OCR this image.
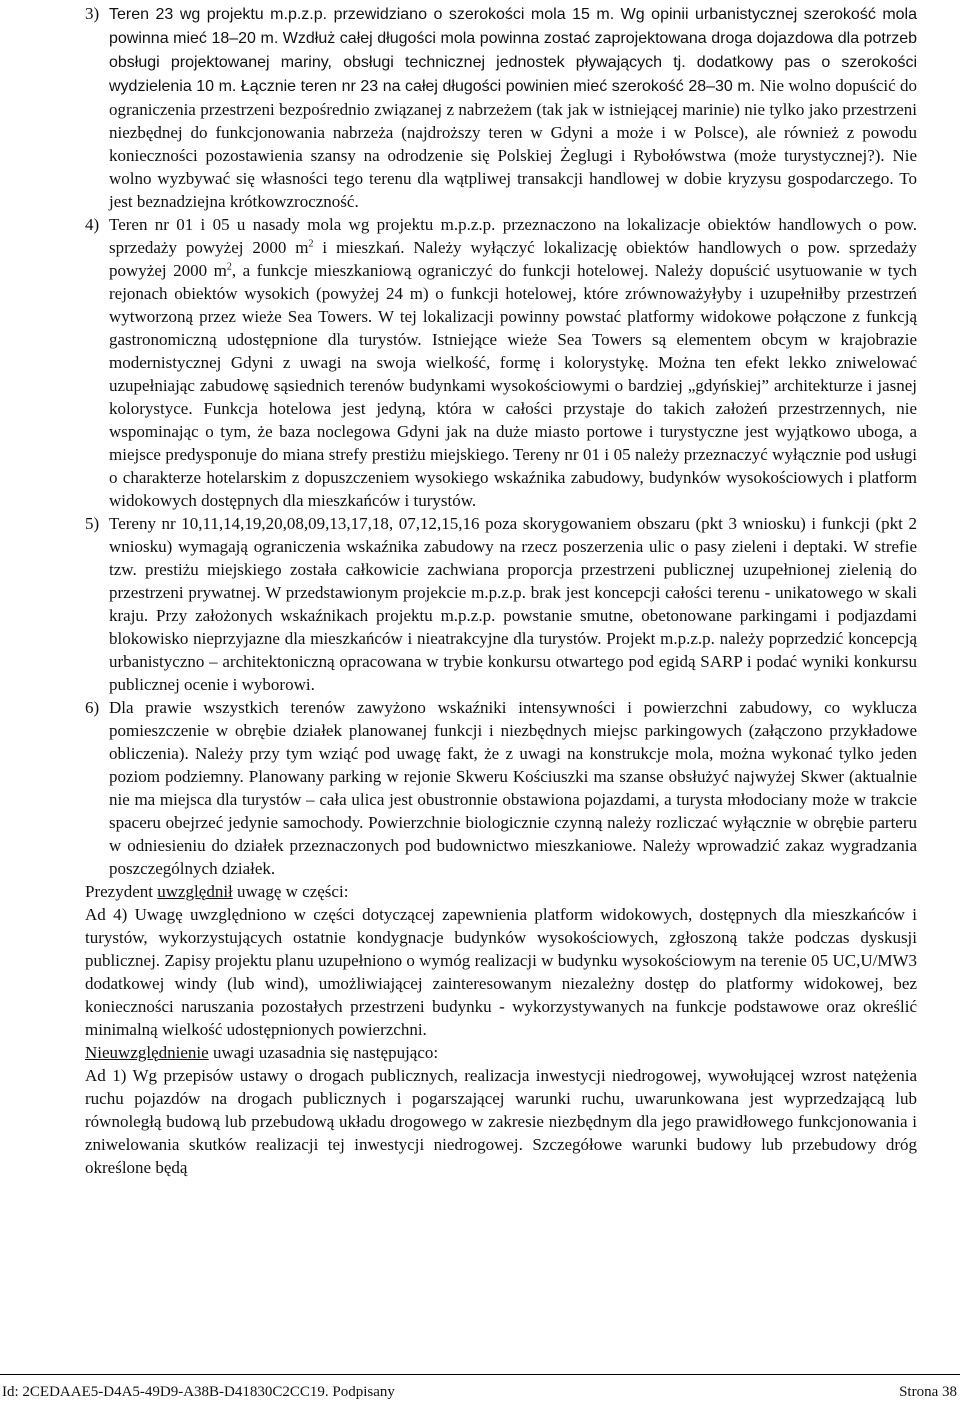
3) Teren 23 wg projektu m.p.z.p. przewidziano o szerokości mola 15 m. Wg opinii urbanistycznej szerokość mola powinna mieć 18–20 m. Wzdłuż całej długości mola powinna zostać zaprojektowana droga dojazdowa dla potrzeb obsługi projektowanej mariny, obsługi technicznej jednostek pływających tj. dodatkowy pas o szerokości wydzielenia 10 m. Łącznie teren nr 23 na całej długości powinien mieć szerokość 28–30 m. Nie wolno dopuścić do ograniczenia przestrzeni bezpośrednio związanej z nabrzeżem (tak jak w istniejącej marinie) nie tylko jako przestrzeni niezbędnej do funkcjonowania nabrzeża (najdroższy teren w Gdyni a może i w Polsce), ale również z powodu konieczności pozostawienia szansy na odrodzenie się Polskiej Żeglugi i Rybołówstwa (może turystycznej?). Nie wolno wyzbywać się własności tego terenu dla wątpliwej transakcji handlowej w dobie kryzysu gospodarczego. To jest beznadziejna krótkowzroczność.

4) Teren nr 01 i 05 u nasady mola wg projektu m.p.z.p. przeznaczono na lokalizacje obiektów handlowych o pow. sprzedaży powyżej 2000 $m^2$ i mieszkań. Należy wyłączyć lokalizację obiektów handlowych o pow. sprzedaży powyżej 2000 $m^2$, a funkcje mieszkaniową ograniczyć do funkcji hotelowej. Należy dopuścić usytuowanie w tych rejonach obiektów wysokich (powyżej 24 m) o funkcji hotelowej, które zrównoważyłyby i uzupełniłby przestrzeń wytworzoną przez wieże Sea Towers. W tej lokalizacji powinny powstać platformy widokowe połączone z funkcją gastronomiczną udostępnione dla turystów. Istniejące wieże Sea Towers są elementem obcym w krajobrazie modernistycznej Gdyni z uwagi na swoja wielkość, formę i kolorystykę. Można ten efekt lekko zniwelować uzupełniając zabudowę sąsiednich terenów budynkami wysokościowymi o bardziej „gdyńskiej” architekturze i jasnej kolorystyce. Funkcja hotelowa jest jedyną, która w całości przystaje do takich założeń przestrzennych, nie wspominając o tym, że baza noclegowa Gdyni jak na duże miasto portowe i turystyczne jest wyjątkowo uboga, a miejsce predysponuje do miana strefy prestiżu miejskiego. Tereny nr 01 i 05 należy przeznaczyć wyłącznie pod usługi o charakterze hotelarskim z dopuszczeniem wysokiego wskaźnika zabudowy, budynków wysokościowych i platform widokowych dostępnych dla mieszkańców i turystów.

5) Tereny nr 10,11,14,19,20,08,09,13,17,18, 07,12,15,16 poza skorygowaniem obszaru (pkt 3 wniosku) i funkcji (pkt 2 wniosku) wymagają ograniczenia wskaźnika zabudowy na rzecz poszerzenia ulic o pasy zieleni i deptaki. W strefie tzw. prestiżu miejskiego została całkowicie zachwiana proporcja przestrzeni publicznej uzupełnionej zielenią do przestrzeni prywatnej. W przedstawionym projekcie m.p.z.p. brak jest koncepcji całości terenu - unikatowego w skali kraju. Przy założonych wskaźnikach projektu m.p.z.p. powstanie smutne, obetonowane parkingami i podjazdami blokowisko nieprzyjazne dla mieszkańców i nieatrakcyjne dla turystów. Projekt m.p.z.p. należy poprzedzić koncepcją urbanistyczno – architektoniczną opracowana w trybie konkursu otwartego pod egidą SARP i podać wyniki konkursu publicznej ocenie i wyborowi.

6) Dla prawie wszystkich terenów zawyżono wskaźniki intensywności i powierzchni zabudowy, co wyklucza pomieszczenie w obrębie działek planowanej funkcji i niezbędnych miejsc parkingowych (załączono przykładowe obliczenia). Należy przy tym wziąć pod uwagę fakt, że z uwagi na konstrukcje mola, można wykonać tylko jeden poziom podziemny. Planowany parking w rejonie Skweru Kościuszki ma szanse obsłużyć najwyżej Skwer (aktualnie nie ma miejsca dla turystów – cała ulica jest obustronnie obstawiona pojazdami, a turysta młodociany może w trakcie spaceru obejrzeć jedynie samochody. Powierzchnie biologicznie czynną należy rozliczać wyłącznie w obrębie parteru w odniesieniu do działek przeznaczonych pod budownictwo mieszkaniowe. Należy wprowadzić zakaz wygradzania poszczególnych działek.

Prezydent uwzględnił uwagę w części:

Ad 4) Uwagę uwzględniono w części dotyczącej zapewnienia platform widokowych, dostępnych dla mieszkańców i turystów, wykorzystujących ostatnie kondygnacje budynków wysokościowych, zgłoszoną także podczas dyskusji publicznej. Zapisy projektu planu uzupełniono o wymóg realizacji w budynku wysokościowym na terenie 05 UC,U/MW3 dodatkowej windy (lub wind), umożliwiającej zainteresowanym niezależny dostęp do platformy widokowej, bez konieczności naruszania pozostałych przestrzeni budynku - wykorzystywanych na funkcje podstawowe oraz określić minimalną wielkość udostępnionych powierzchni.

Nieuwzględnienie uwagi uzasadnia się następująco:

Ad 1) Wg przepisów ustawy o drogach publicznych, realizacja inwestycji niedrogowej, wywołującej wzrost natężenia ruchu pojazdów na drogach publicznych i pogarszającej warunki ruchu, uwarunkowana jest wyprzedzającą lub równoległą budową lub przebudową układu drogowego w zakresie niezbędnym dla jego prawidłowego funkcjonowania i zniwelowania skutków realizacji tej inwestycji niedrogowej. Szczegółowe warunki budowy lub przebudowy dróg określone będą

Id: 2CEDAAE5-D4A5-49D9-A38B-D41830C2CC19. Podpisany	Strona 38
